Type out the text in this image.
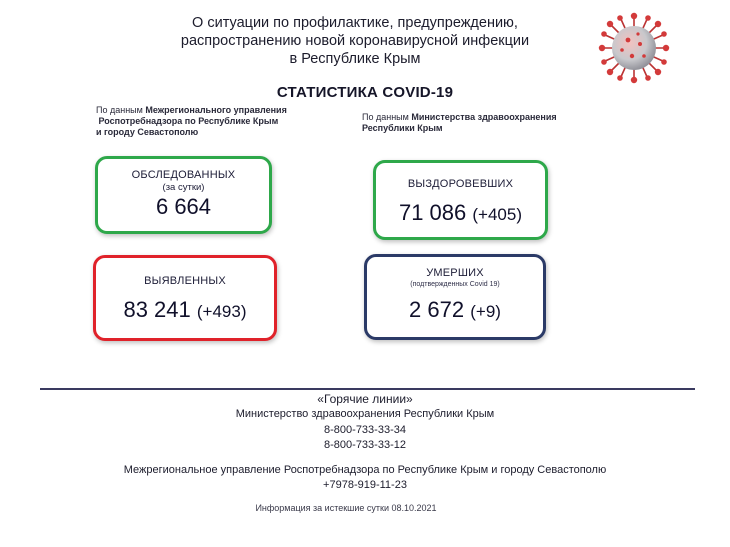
О ситуации по профилактике, предупреждению,
распространению новой коронавирусной инфекции
в Республике Крым
СТАТИСТИКА COVID-19
По данным Межрегионального управления
Роспотребнадзора по Республике Крым
и городу Севастополю
По данным Министерства здравоохранения
Республики Крым
ОБСЛЕДОВАННЫХ
(за сутки)
6 664
ВЫЗДОРОВЕВШИХ
71 086 (+405)
ВЫЯВЛЕННЫХ
83 241 (+493)
УМЕРШИХ
(подтвержденных Covid 19)
2 672 (+9)
«Горячие линии»
Министерство здравоохранения Республики Крым
8-800-733-33-34
8-800-733-33-12
Межрегиональное управление Роспотребнадзора по Республике Крым и городу Севастополю
+7978-919-11-23
Информация за истекшие сутки 08.10.2021
